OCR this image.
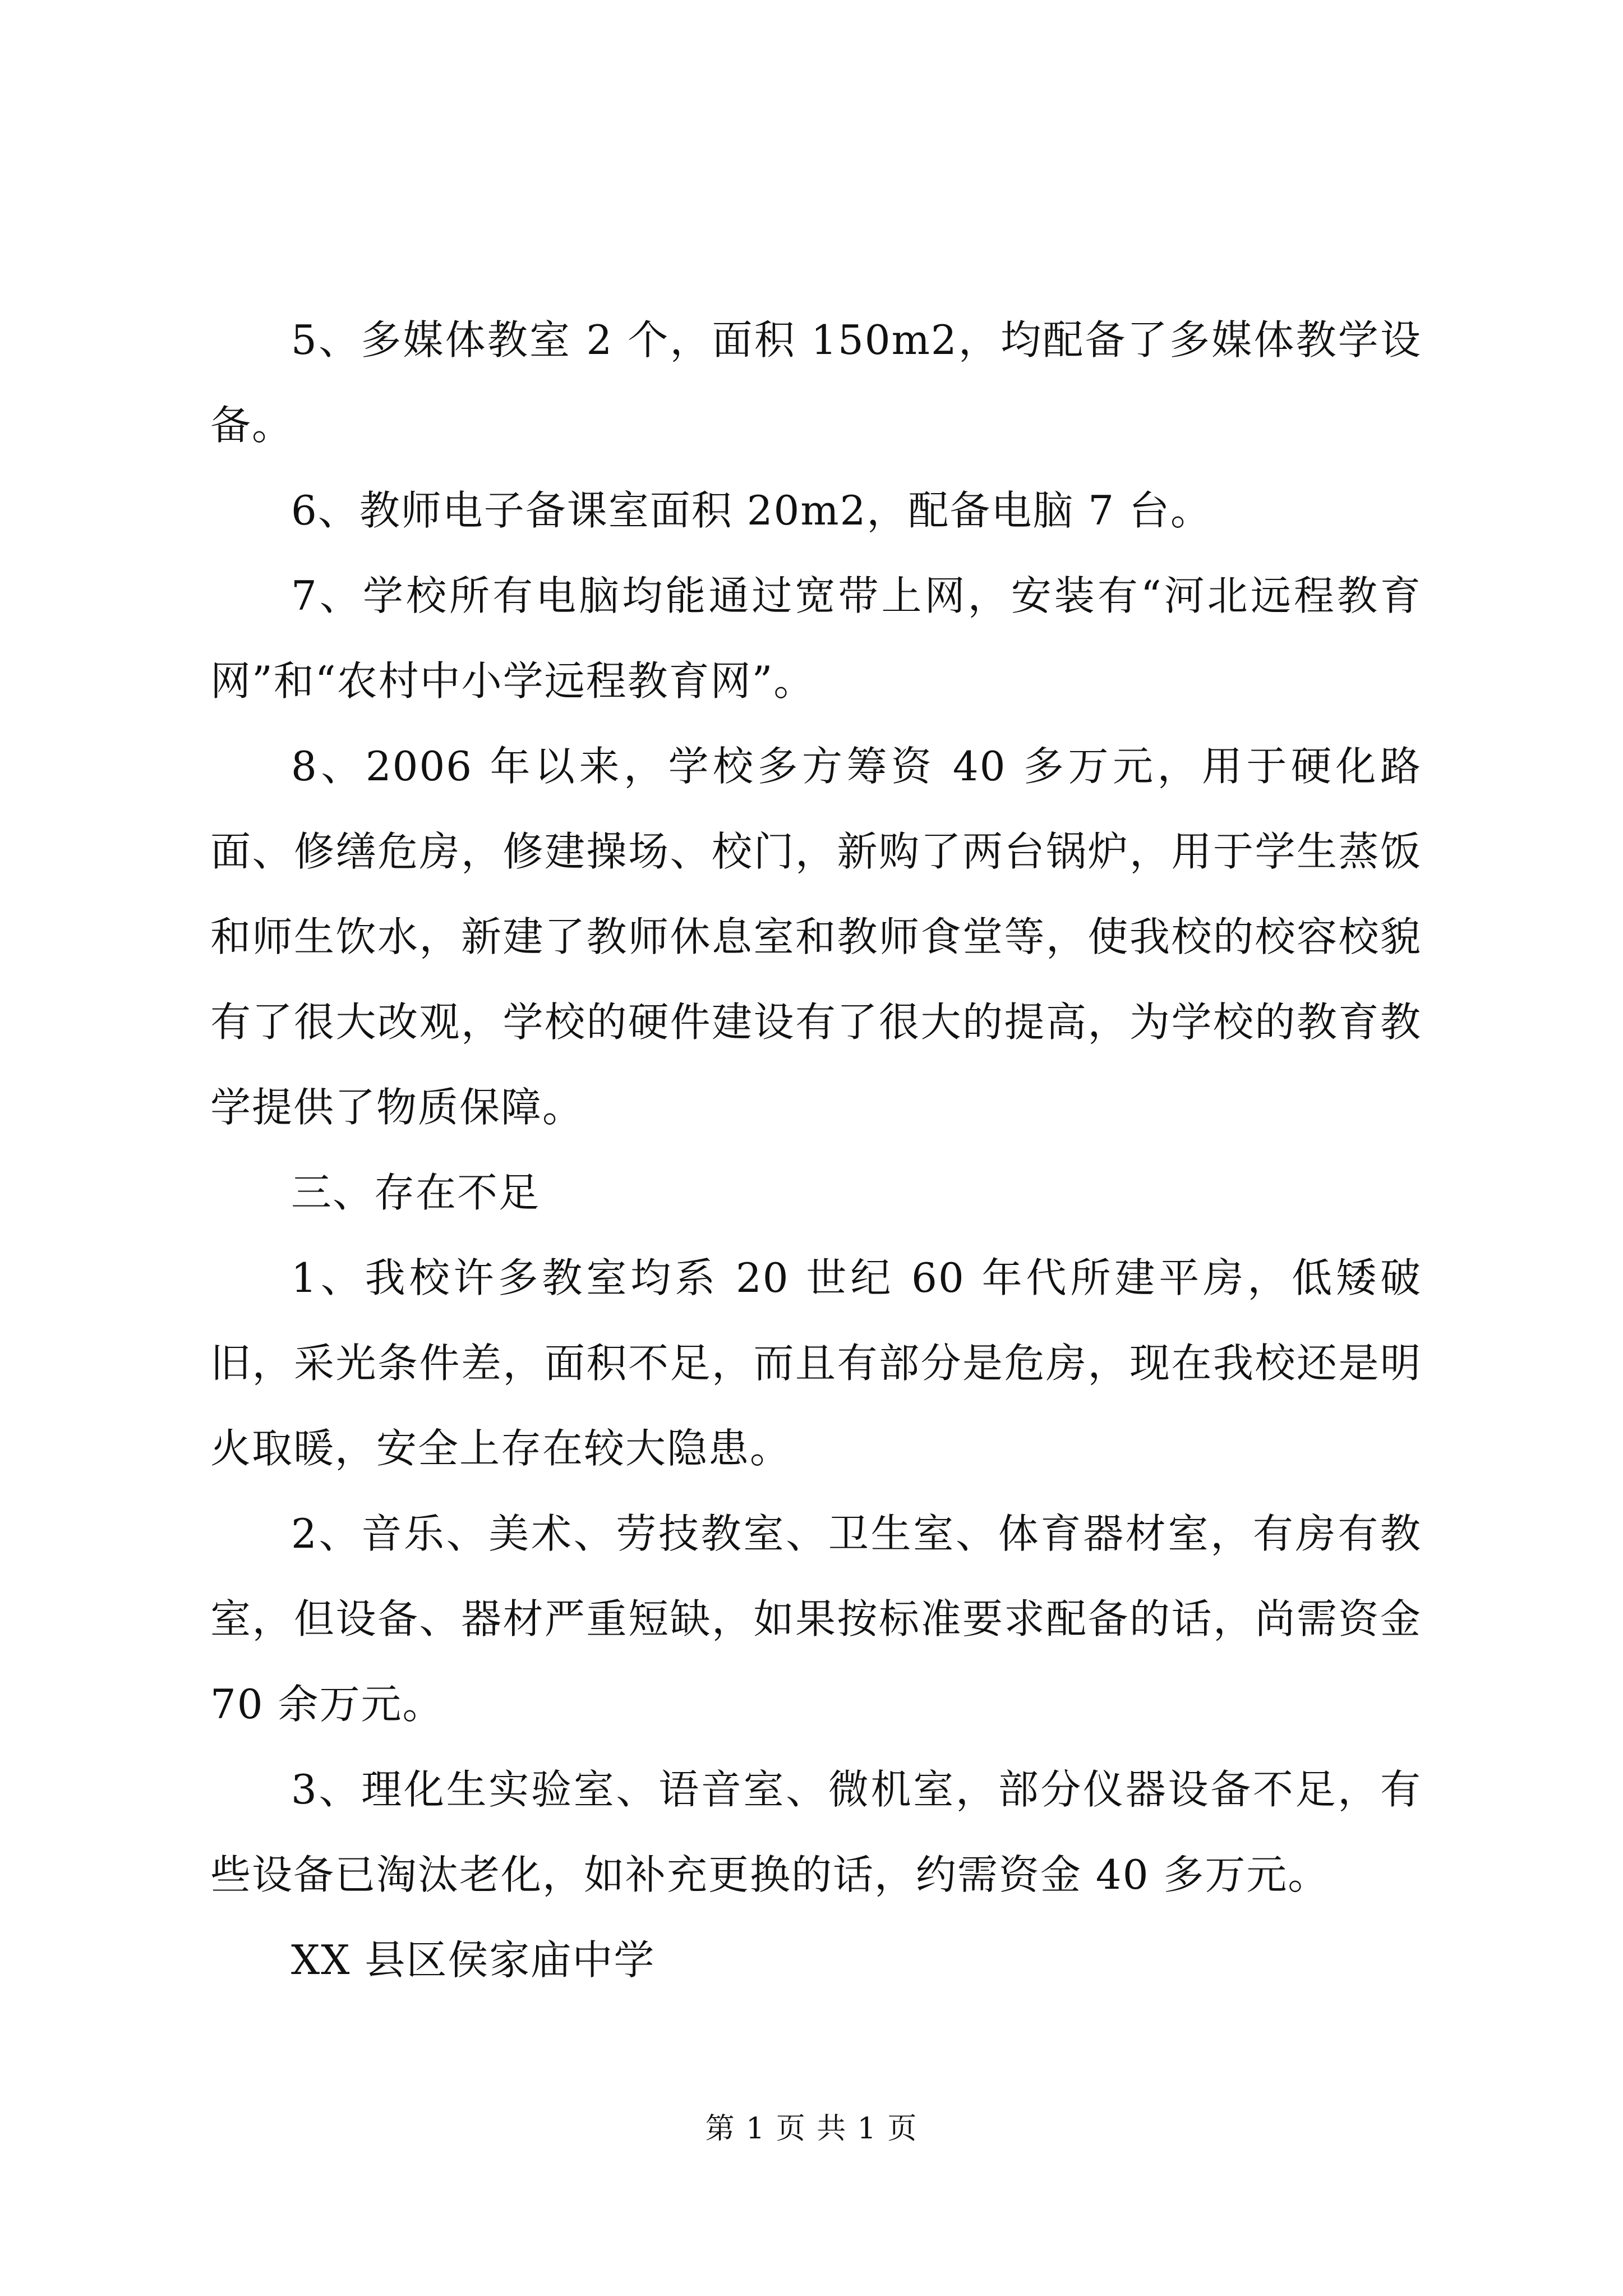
5、多媒体教室 2 个，面积 150m2，均配备了多媒体教学设备。

6、教师电子备课室面积 20m2，配备电脑 7 台。

7、学校所有电脑均能通过宽带上网，安装有“河北远程教育网”和“农村中小学远程教育网”。

8、2006 年以来，学校多方筹资 40 多万元，用于硬化路面、修缮危房，修建操场、校门，新购了两台锅炉，用于学生蒸饭和师生饮水，新建了教师休息室和教师食堂等，使我校的校容校貌有了很大改观，学校的硬件建设有了很大的提高，为学校的教育教学提供了物质保障。

三、存在不足

1、我校许多教室均系 20 世纪 60 年代所建平房，低矮破旧，采光条件差，面积不足，而且有部分是危房，现在我校还是明火取暖，安全上存在较大隐患。

2、音乐、美术、劳技教室、卫生室、体育器材室，有房有教室，但设备、器材严重短缺，如果按标准要求配备的话，尚需资金 70 余万元。

3、理化生实验室、语音室、微机室，部分仪器设备不足，有些设备已淘汰老化，如补充更换的话，约需资金 40 多万元。

XX 县区侯家庙中学

第 1 页 共 1 页
